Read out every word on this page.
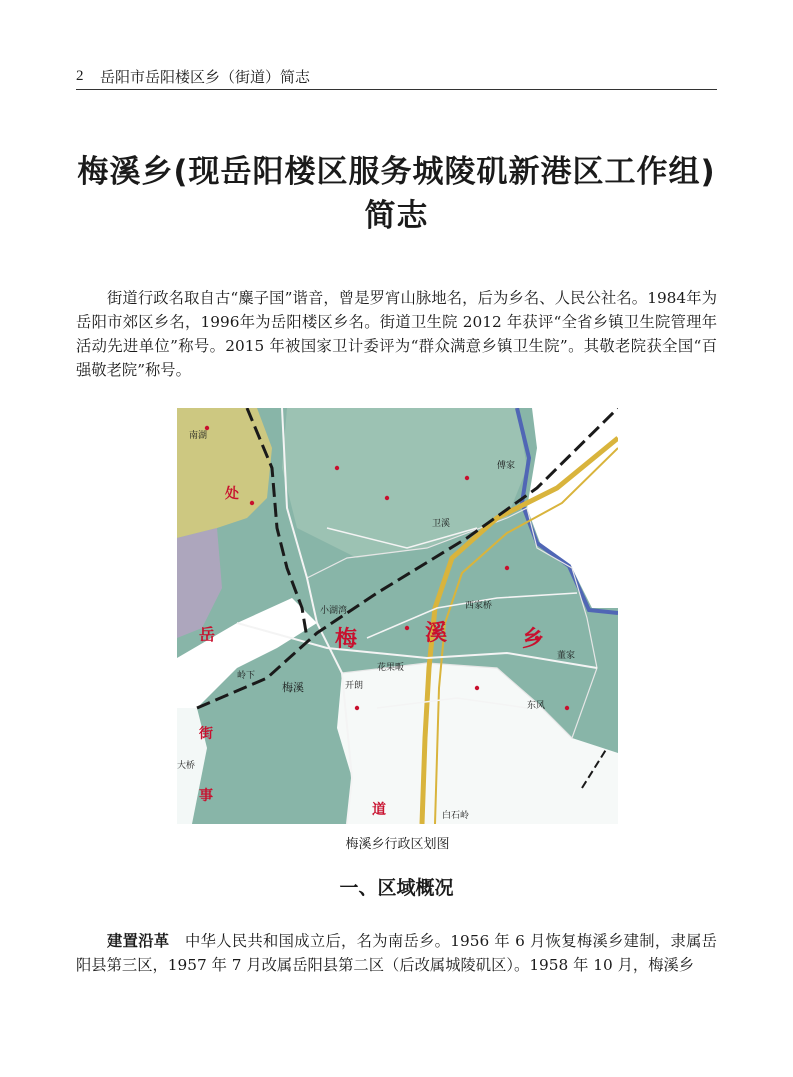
2 岳阳市岳阳楼区乡（街道）简志
梅溪乡(现岳阳楼区服务城陵矶新港区工作组)
简志
街道行政名取自古“麋子国”谐音，曾是罗宵山脉地名，后为乡名、人民公社名。1984年为岳阳市郊区乡名，1996年为岳阳楼区乡名。街道卫生院 2012 年获评“全省乡镇卫生院管理年活动先进单位”称号。2015 年被国家卫计委评为“群众满意乡镇卫生院”。其敬老院获全国“百强敬老院”称号。
梅	溪	乡
岳
处
街
事
道
梅溪
小湖湾
开朗
花果畈
白石岭
西家桥
大桥
卫溪
南湖
岭下
东风
傅家
董家
梅溪乡行政区划图
一、区域概况
建置沿革　 中华人民共和国成立后，名为南岳乡。1956 年 6 月恢复梅溪乡建制，隶属岳阳县第三区，1957 年 7 月改属岳阳县第二区（后改属城陵矶区）。1958 年 10 月，梅溪乡
